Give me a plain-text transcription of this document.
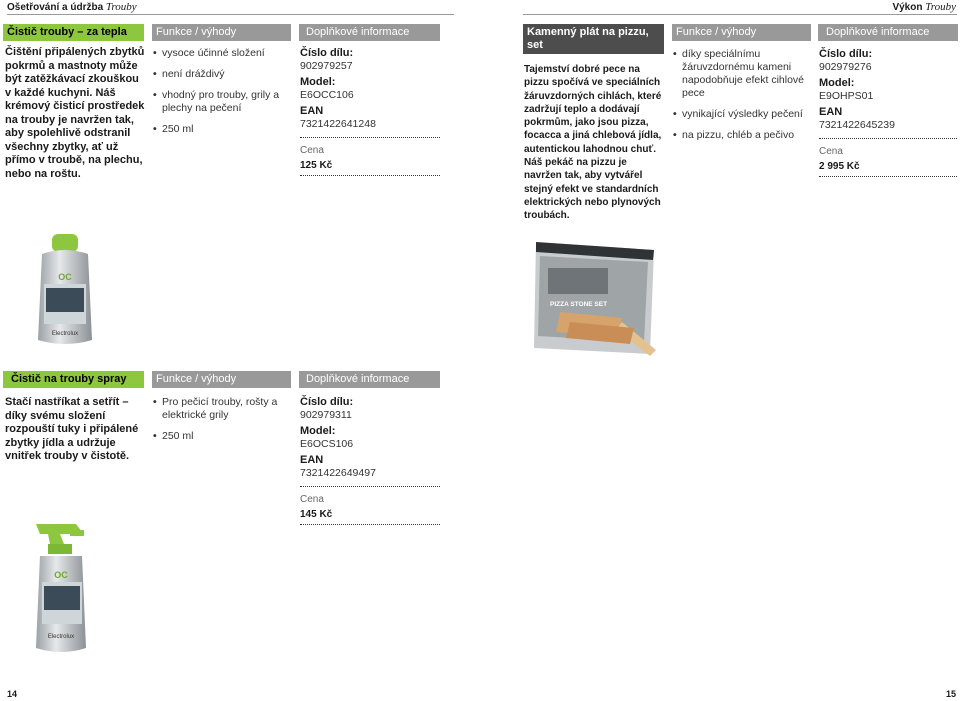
Ošetřování a údržba Trouby	Výkon Trouby
Čistič trouby – za tepla	Funkce / výhody	Doplňkové informace
Čištění připálených zbytků pokrmů a mastnoty může být zatěžkávací zkouškou v každé kuchyni. Náš krémový čisticí prostředek na trouby je navržen tak, aby spolehlivě odstranil všechny zbytky, ať už přímo v troubě, na plechu, nebo na roštu.
• vysoce účinné složení
• není dráždivý
• vhodný pro trouby, grily a plechy na pečení
• 250 ml
Číslo dílu:
902979257
Model:
E6OCC106
EAN
7321422641248
Cena
125 Kč
OC
Electrolux
Čistič na trouby spray	Funkce / výhody	Doplňkové informace
Stačí nastříkat a setřít – díky svému složení rozpouští tuky i připálené zbytky jídla a udržuje vnitřek trouby v čistotě.
• Pro pečicí trouby, rošty a elektrické grily
• 250 ml
Číslo dílu:
902979311
Model:
E6OCS106
EAN
7321422649497
Cena
145 Kč
OC
Electrolux
Kamenný plát na pizzu, set
Funkce / výhody	Doplňkové informace
Tajemství dobré pece na pizzu spočívá ve speciálních žáruvzdorných cihlách, které zadržují teplo a dodávají pokrmům, jako jsou pizza, focacca a jiná chlebová jídla, autentickou lahodnou chuť. Náš pekáč na pizzu je navržen tak, aby vytvářel stejný efekt ve standardních elektrických nebo plynových troubách.
• díky speciálnímu žáruvzdornému kameni napodobňuje efekt cihlové pece
• vynikající výsledky pečení
• na pizzu, chléb a pečivo
Číslo dílu:
902979276
Model:
E9OHPS01
EAN
7321422645239
Cena
2 995 Kč
PIZZA STONE SET
14	15
